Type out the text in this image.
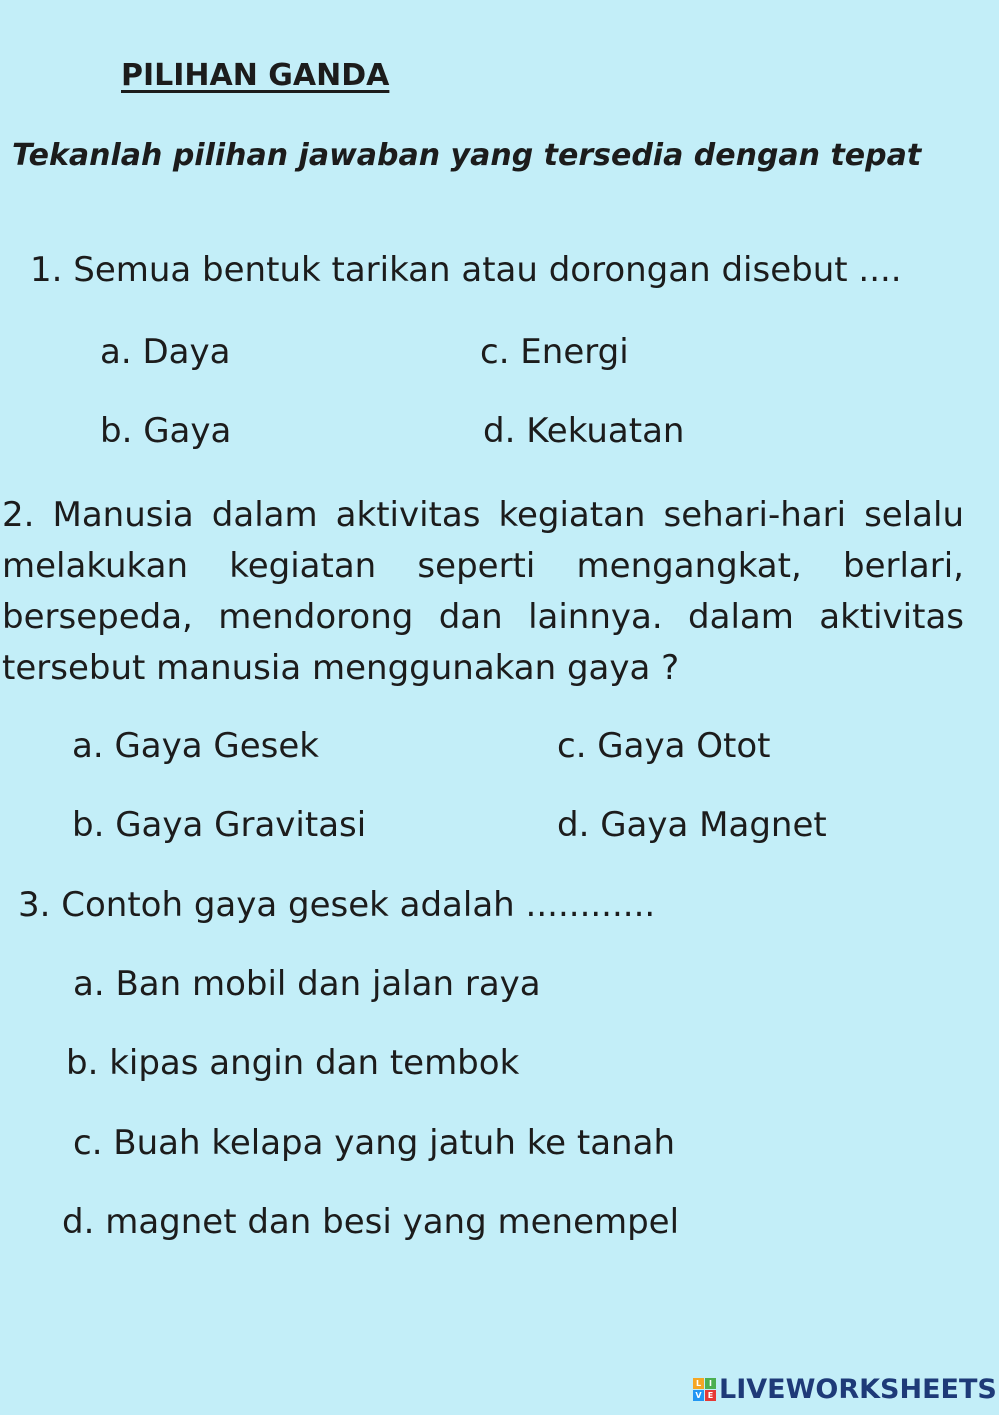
PILIHAN GANDA
Tekanlah pilihan jawaban yang tersedia dengan tepat
1. Semua bentuk tarikan atau dorongan disebut ....
a. Daya	c. Energi
b. Gaya	d. Kekuatan
2. Manusia dalam aktivitas kegiatan sehari-hari selalu melakukan kegiatan seperti mengangkat, berlari, bersepeda, mendorong dan lainnya. dalam aktivitas tersebut manusia menggunakan gaya ?
a. Gaya Gesek	c. Gaya Otot
b. Gaya Gravitasi	d. Gaya Magnet
3. Contoh gaya gesek adalah ............
a. Ban mobil dan jalan raya
b. kipas angin dan tembok
c. Buah kelapa yang jatuh ke tanah
d. magnet dan besi yang menempel
L I
V E LIVEWORKSHEETS
